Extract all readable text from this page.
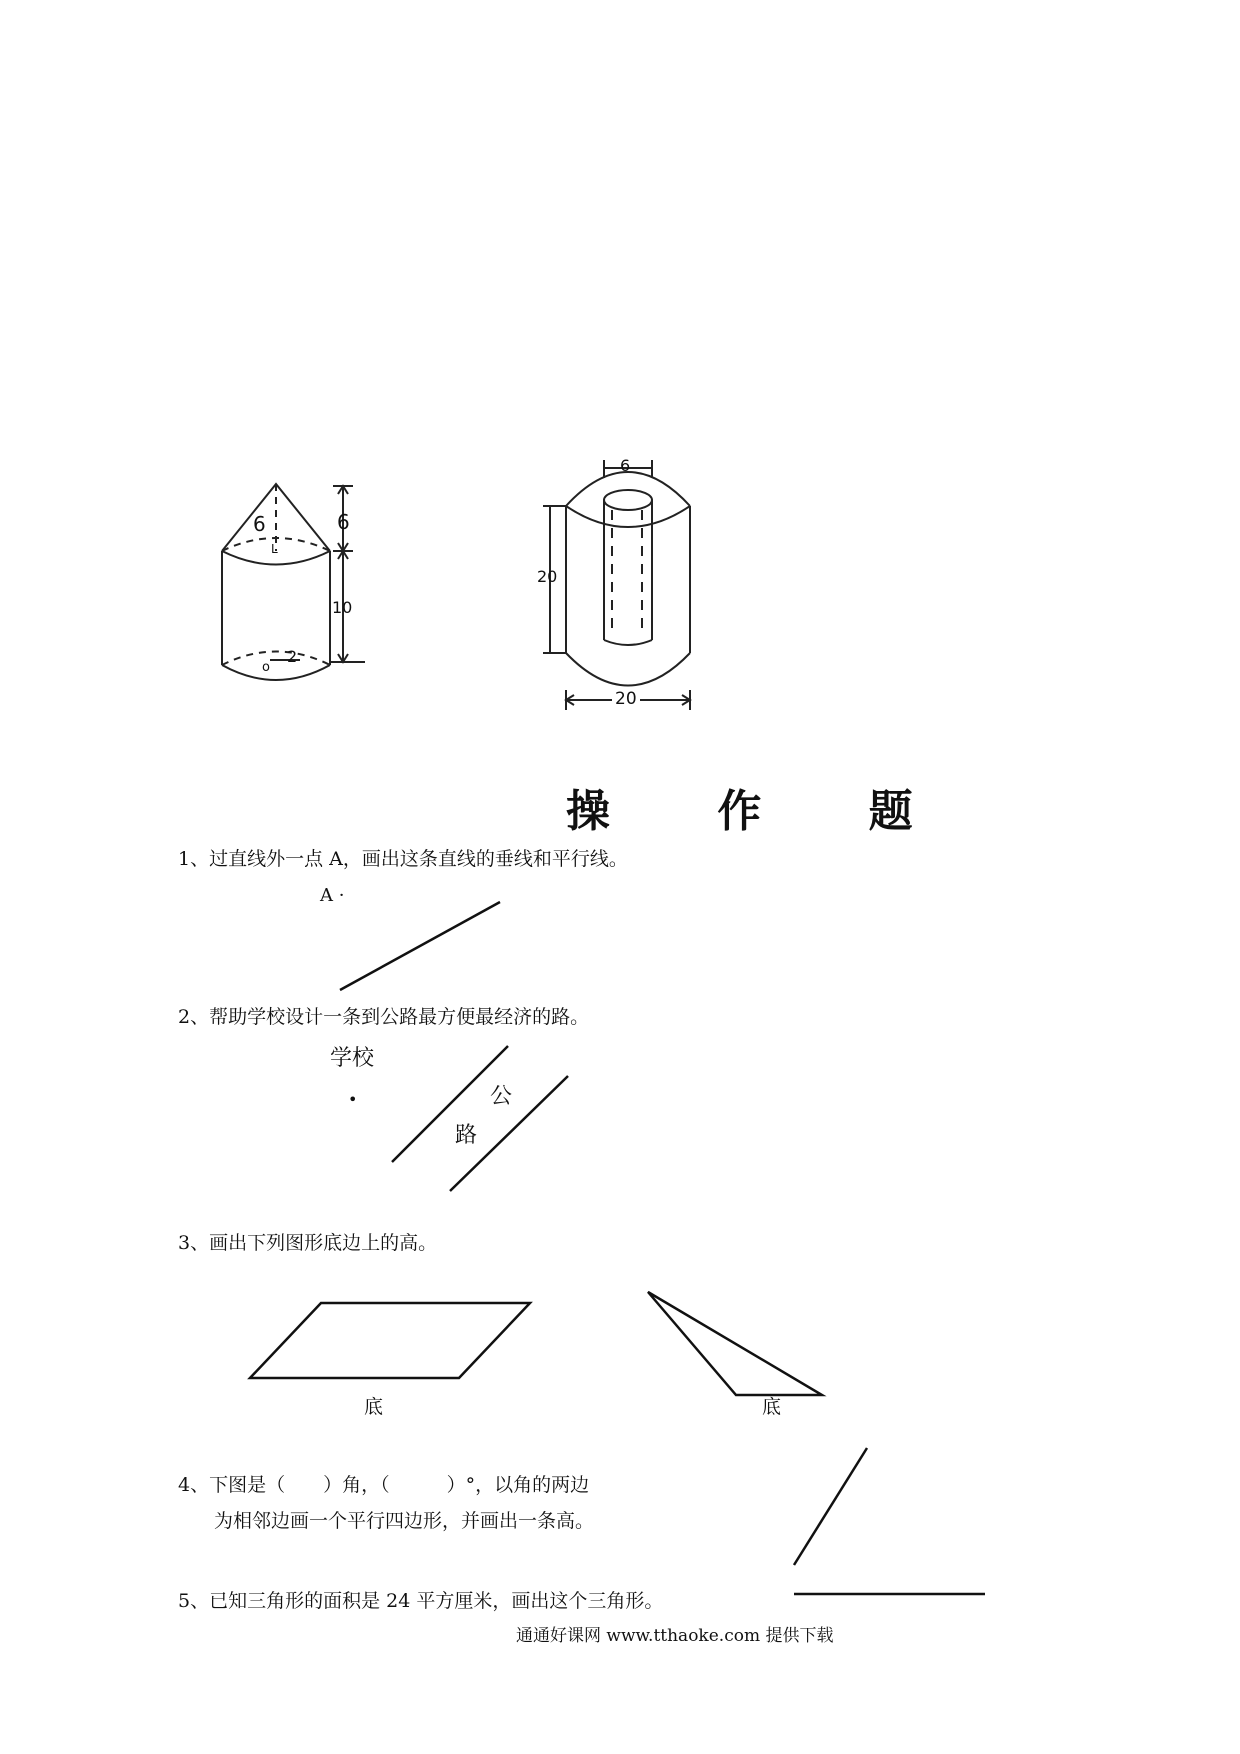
6
L
6
10
2
o
6
20
20
操 作 题
1、过直线外一点 A，画出这条直线的垂线和平行线。
A ·
2、帮助学校设计一条到公路最方便最经济的路。
学校
•	公
路
3、画出下列图形底边上的高。
底	底
4、下图是（　　）角，（　　　）°，以角的两边
为相邻边画一个平行四边形，并画出一条高。
5、已知三角形的面积是 24 平方厘米，画出这个三角形。
通通好课网 www.tthaoke.com 提供下载
